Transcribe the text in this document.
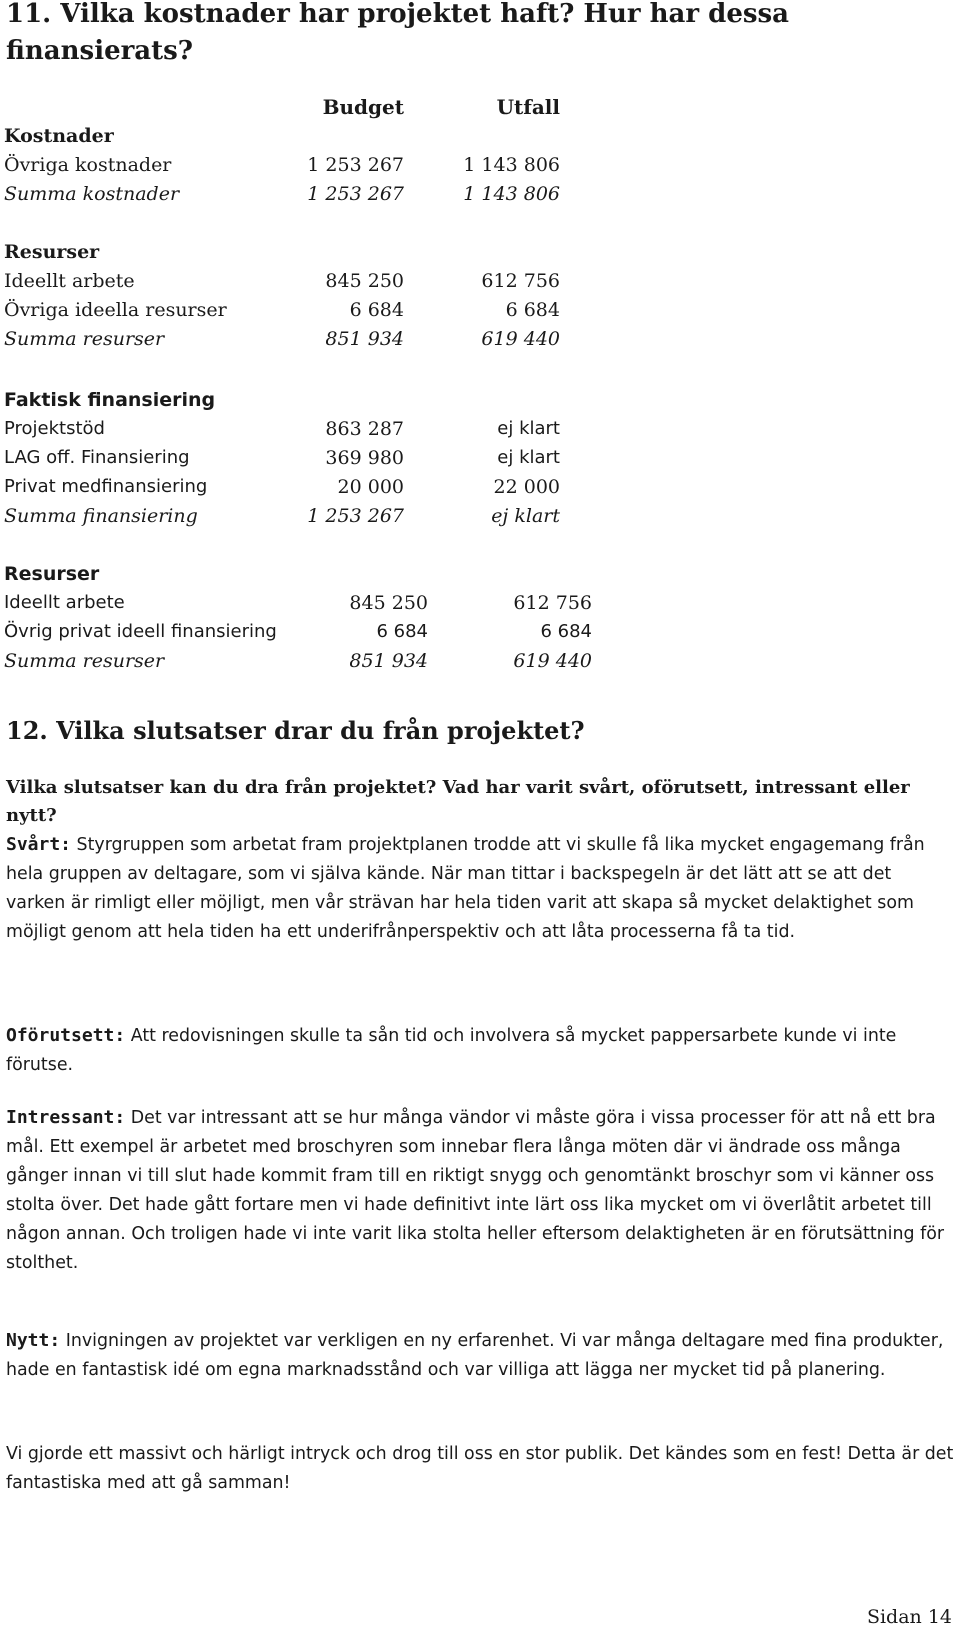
11. Vilka kostnader har projektet haft? Hur har dessa finansierats?
	Budget	Utfall
Kostnader		
Övriga kostnader	1 253 267	1 143 806
Summa kostnader	1 253 267	1 143 806

Resurser		
Ideellt arbete	845 250	612 756
Övriga ideella resurser	6 684	6 684
Summa resurser	851 934	619 440
Faktisk finansiering		
Projektstöd	863 287	ej klart
LAG off. Finansiering	369 980	ej klart
Privat medfinansiering	20 000	22 000
Summa finansiering	1 253 267	ej klart
Resurser		
Ideellt arbete	845 250	612 756
Övrig privat ideell finansiering	6 684	6 684
Summa resurser	851 934	619 440
12. Vilka slutsatser drar du från projektet?
Vilka slutsatser kan du dra från projektet? Vad har varit svårt, oförutsett, intressant eller nytt?

Svårt: Styrgruppen som arbetat fram projektplanen trodde att vi skulle få lika mycket engagemang från hela gruppen av deltagare, som vi själva kände. När man tittar i backspegeln är det lätt att se att det varken är rimligt eller möjligt, men vår strävan har hela tiden varit att skapa så mycket delaktighet som möjligt genom att hela tiden ha ett underifrånperspektiv och att låta processerna få ta tid.

Oförutsett: Att redovisningen skulle ta sån tid och involvera så mycket pappersarbete kunde vi inte förutse.

Intressant: Det var intressant att se hur många vändor vi måste göra i vissa processer för att nå ett bra mål. Ett exempel är arbetet med broschyren som innebar flera långa möten där vi ändrade oss många gånger innan vi till slut hade kommit fram till en riktigt snygg och genomtänkt broschyr som vi känner oss stolta över. Det hade gått fortare men vi hade definitivt inte lärt oss lika mycket om vi överlåtit arbetet till någon annan. Och troligen hade vi inte varit lika stolta heller eftersom delaktigheten är en förutsättning för stolthet.

Nytt: Invigningen av projektet var verkligen en ny erfarenhet. Vi var många deltagare med fina produkter, hade en fantastisk idé om egna marknadsstånd och var villiga att lägga ner mycket tid på planering.

Vi gjorde ett massivt och härligt intryck och drog till oss en stor publik. Det kändes som en fest! Detta är det fantastiska med att gå samman!

Sidan 14
